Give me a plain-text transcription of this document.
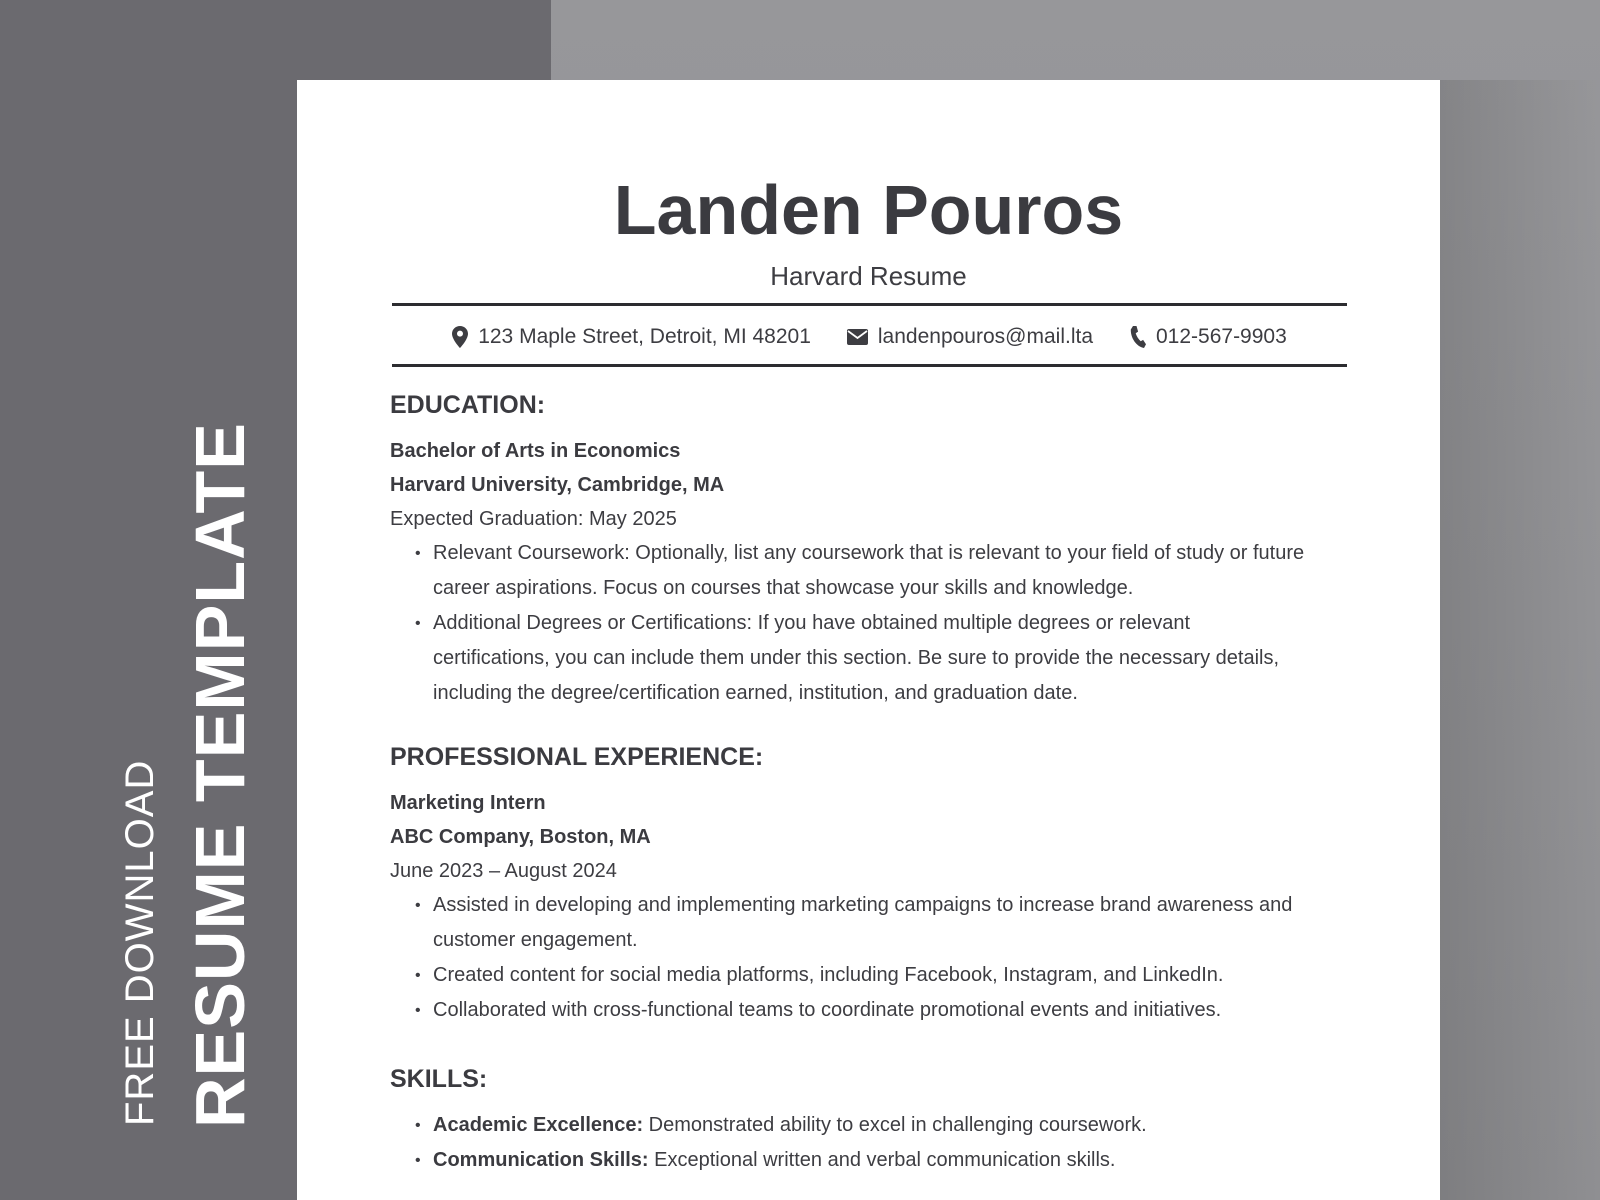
FREE DOWNLOAD RESUME TEMPLATE
Landen Pouros
Harvard Resume
123 Maple Street, Detroit, MI 48201	landenpouros@mail.lta	012-567-9903
EDUCATION:

Bachelor of Arts in Economics

Harvard University, Cambridge, MA

Expected Graduation: May 2025

• Relevant Coursework: Optionally, list any coursework that is relevant to your field of study or future career aspirations. Focus on courses that showcase your skills and knowledge.
• Additional Degrees or Certifications: If you have obtained multiple degrees or relevant certifications, you can include them under this section. Be sure to provide the necessary details, including the degree/certification earned, institution, and graduation date.
PROFESSIONAL EXPERIENCE:

Marketing Intern

ABC Company, Boston, MA

June 2023 – August 2024

• Assisted in developing and implementing marketing campaigns to increase brand awareness and customer engagement.
• Created content for social media platforms, including Facebook, Instagram, and LinkedIn.
• Collaborated with cross-functional teams to coordinate promotional events and initiatives.
SKILLS:
• Academic Excellence: Demonstrated ability to excel in challenging coursework.
• Communication Skills: Exceptional written and verbal communication skills.
